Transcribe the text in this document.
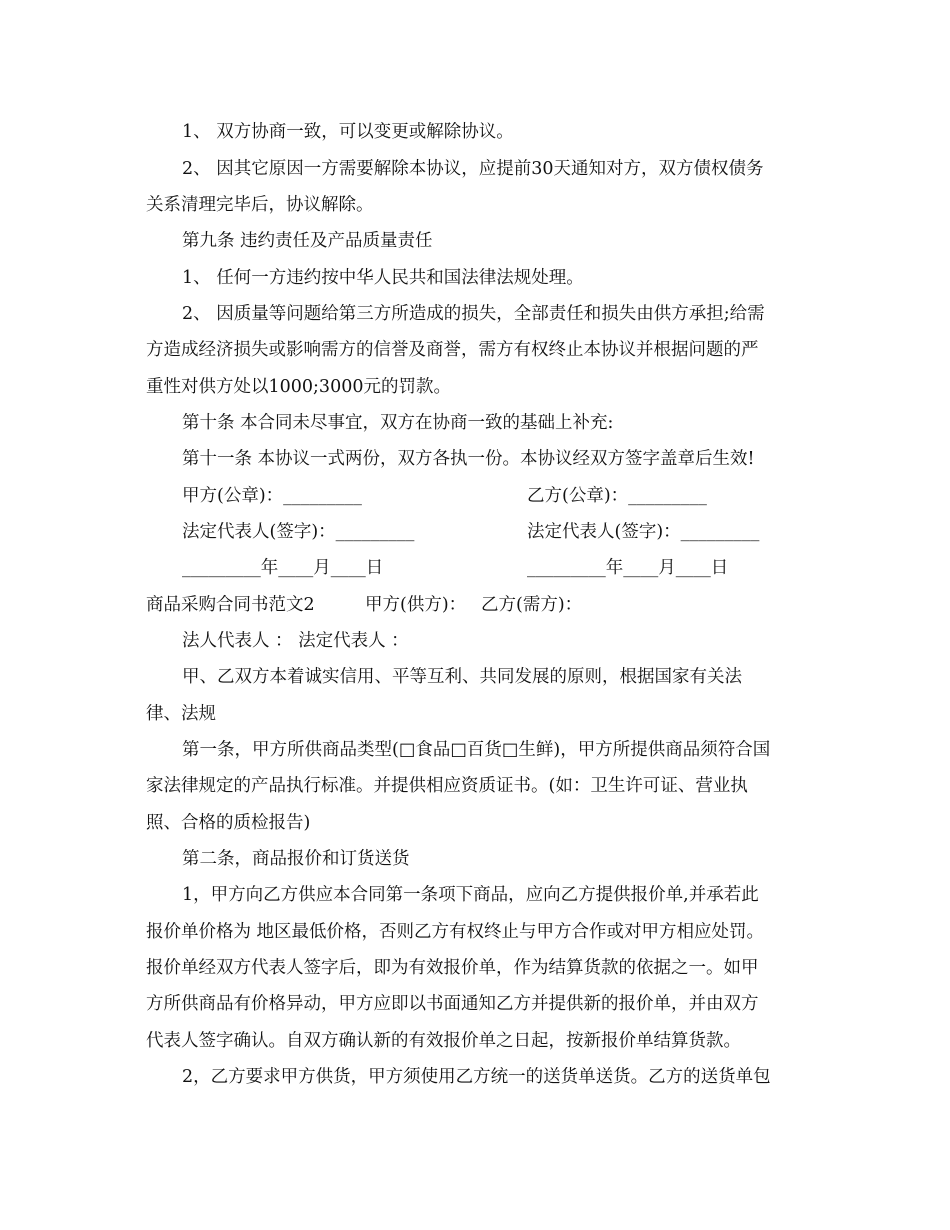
1、 双方协商一致，可以变更或解除协议。
2、 因其它原因一方需要解除本协议，应提前30天通知对方，双方债权债务
关系清理完毕后，协议解除。
第九条 违约责任及产品质量责任
1、 任何一方违约按中华人民共和国法律法规处理。
2、 因质量等问题给第三方所造成的损失，全部责任和损失由供方承担;给需
方造成经济损失或影响需方的信誉及商誉，需方有权终止本协议并根据问题的严
重性对供方处以1000;3000元的罚款。
第十条 本合同未尽事宜，双方在协商一致的基础上补充:
第十一条 本协议一式两份，双方各执一份。本协议经双方签字盖章后生效!
甲方(公章)：_________	乙方(公章)：_________
法定代表人(签字)：_________	法定代表人(签字)：_________
_________年____月____日	_________年____月____日
商品采购合同书范文2	甲方(供方)： 乙方(需方)：
法人代表人 ： 法定代表人 ：
甲、乙双方本着诚实信用、平等互利、共同发展的原则，根据国家有关法
律、法规
第一条，甲方所供商品类型(□食品□百货□生鲜)，甲方所提供商品须符合国
家法律规定的产品执行标准。并提供相应资质证书。(如：卫生许可证、营业执
照、合格的质检报告)
第二条，商品报价和订货送货
1，甲方向乙方供应本合同第一条项下商品，应向乙方提供报价单,并承若此
报价单价格为 地区最低价格，否则乙方有权终止与甲方合作或对甲方相应处罚。
报价单经双方代表人签字后，即为有效报价单，作为结算货款的依据之一。如甲
方所供商品有价格异动，甲方应即以书面通知乙方并提供新的报价单，并由双方
代表人签字确认。自双方确认新的有效报价单之日起，按新报价单结算货款。
2，乙方要求甲方供货，甲方须使用乙方统一的送货单送货。乙方的送货单包
